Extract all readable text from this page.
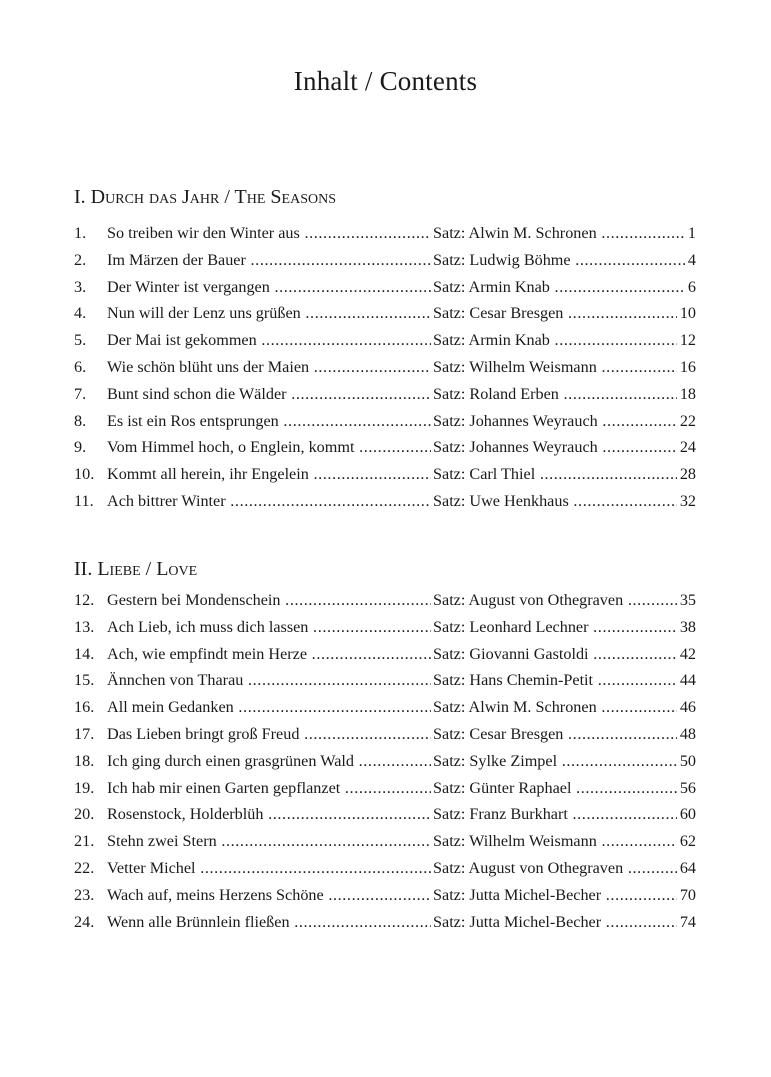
Inhalt / Contents
I. Durch das Jahr / The Seasons
1.	So treiben wir den Winter aus .....	Satz: Alwin M. Schronen .....	1
2.	Im Märzen der Bauer .....	Satz: Ludwig Böhme .....	4
3.	Der Winter ist vergangen .....	Satz: Armin Knab .....	6
4.	Nun will der Lenz uns grüßen .....	Satz: Cesar Bresgen .....	10
5.	Der Mai ist gekommen .....	Satz: Armin Knab .....	12
6.	Wie schön blüht uns der Maien .....	Satz: Wilhelm Weismann .....	16
7.	Bunt sind schon die Wälder .....	Satz: Roland Erben .....	18
8.	Es ist ein Ros entsprungen .....	Satz: Johannes Weyrauch .....	22
9.	Vom Himmel hoch, o Englein, kommt .....	Satz: Johannes Weyrauch .....	24
10. Kommt all herein, ihr Engelein .....	Satz: Carl Thiel .....	28
11. Ach bittrer Winter .....	Satz: Uwe Henkhaus .....	32
II. Liebe / Love
12. Gestern bei Mondenschein .....	Satz: August von Othegraven .....	35
13. Ach Lieb, ich muss dich lassen .....	Satz: Leonhard Lechner .....	38
14. Ach, wie empfindt mein Herze .....	Satz: Giovanni Gastoldi .....	42
15. Ännchen von Tharau .....	Satz: Hans Chemin-Petit .....	44
16. All mein Gedanken .....	Satz: Alwin M. Schronen .....	46
17. Das Lieben bringt groß Freud .....	Satz: Cesar Bresgen .....	48
18. Ich ging durch einen grasgrünen Wald .....	Satz: Sylke Zimpel .....	50
19. Ich hab mir einen Garten gepflanzet .....	Satz: Günter Raphael .....	56
20. Rosenstock, Holderblüh .....	Satz: Franz Burkhart .....	60
21. Stehn zwei Stern .....	Satz: Wilhelm Weismann .....	62
22. Vetter Michel .....	Satz: August von Othegraven .....	64
23. Wach auf, meins Herzens Schöne .....	Satz: Jutta Michel-Becher .....	70
24. Wenn alle Brünnlein fließen .....	Satz: Jutta Michel-Becher .....	74
